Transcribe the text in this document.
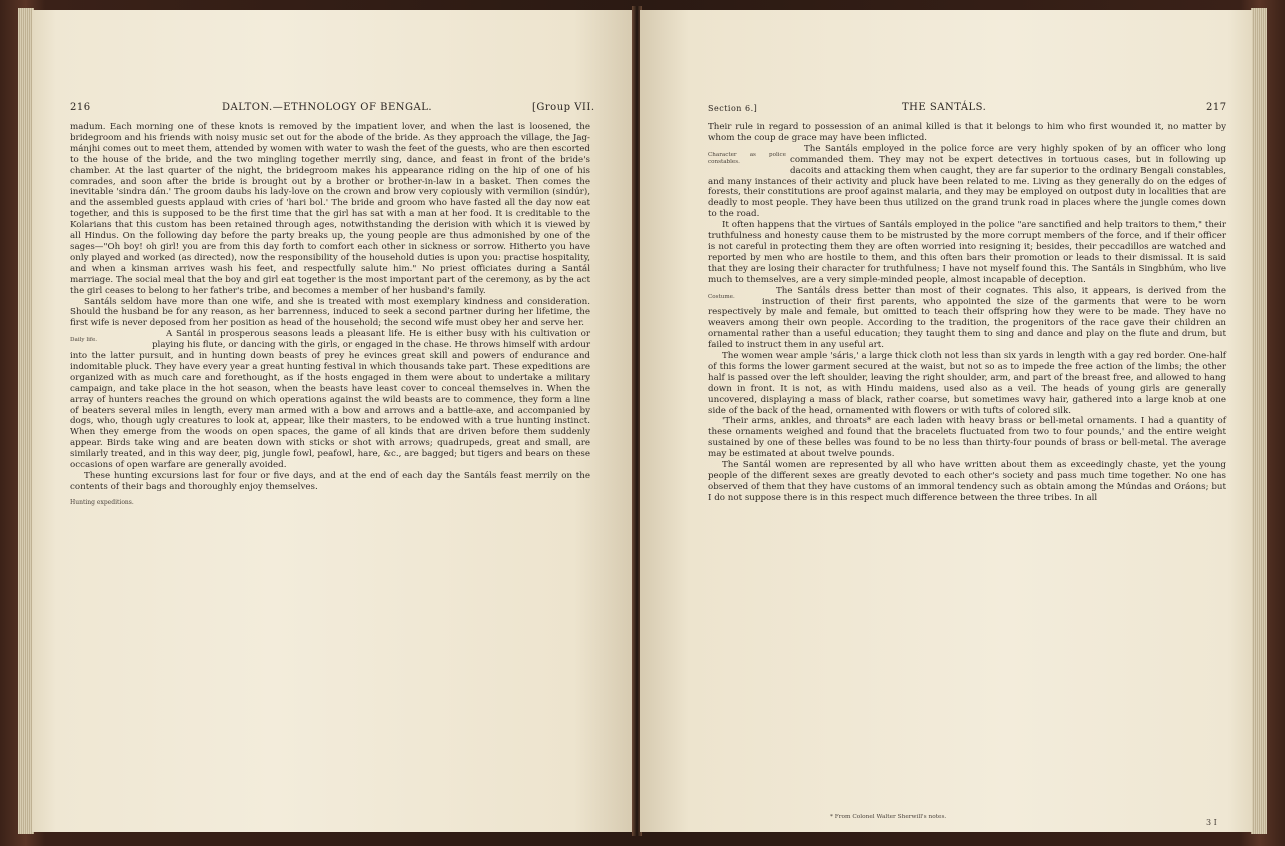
216	DALTON.—ETHNOLOGY OF BENGAL.	[Group VII.

madum. Each morning one of these knots is removed by the impatient lover, and when the last is loosened, the bridegroom and his friends with noisy music set out for the abode of the bride. As they approach the village, the Jag-mánjhi comes out to meet them, attended by women with water to wash the feet of the guests, who are then escorted to the house of the bride, and the two mingling together merrily sing, dance, and feast in front of the bride's chamber. At the last quarter of the night, the bridegroom makes his appearance riding on the hip of one of his comrades, and soon after the bride is brought out by a brother or brother-in-law in a basket. Then comes the inevitable 'sindra dán.' The groom daubs his lady-love on the crown and brow very copiously with vermilion (sindúr), and the assembled guests applaud with cries of 'hari bol.' The bride and groom who have fasted all the day now eat together, and this is supposed to be the first time that the girl has sat with a man at her food. It is creditable to the Kolarians that this custom has been retained through ages, notwithstanding the derision with which it is viewed by all Hindus. On the following day before the party breaks up, the young people are thus admonished by one of the sages—"Oh boy! oh girl! you are from this day forth to comfort each other in sickness or sorrow. Hitherto you have only played and worked (as directed), now the responsibility of the household duties is upon you: practise hospitality, and when a kinsman arrives wash his feet, and respectfully salute him." No priest officiates during a Santál marriage. The social meal that the boy and girl eat together is the most important part of the ceremony, as by the act the girl ceases to belong to her father's tribe, and becomes a member of her husband's family.

Santáls seldom have more than one wife, and she is treated with most exemplary kindness and consideration. Should the husband be for any reason, as her barrenness, induced to seek a second partner during her lifetime, the first wife is never deposed from her position as head of the household; the second wife must obey her and serve her.

Daily life.
A Santál in prosperous seasons leads a pleasant life. He is either busy with his cultivation or playing his flute, or dancing with the girls, or engaged in the chase. He throws himself with ardour into the latter pursuit, and in hunting down beasts of prey he evinces great skill and powers of endurance and indomitable pluck. They have every year a great hunting festival in which thousands take part. These expeditions are organized with as much care and forethought, as if the hosts engaged in them were about to undertake a military campaign, and take place in the hot season, when the beasts have least cover to conceal themselves in. When the array of hunters reaches the ground on which operations against the wild beasts are to commence, they form a line of beaters several miles in length, every man armed with a bow and arrows and a battle-axe, and accompanied by dogs, who, though ugly creatures to look at, appear, like their masters, to be endowed with a true hunting instinct. When they emerge from the woods on open spaces, the game of all kinds that are driven before them suddenly appear. Birds take wing and are beaten down with sticks or shot with arrows; quadrupeds, great and small, are similarly treated, and in this way deer, pig, jungle fowl, peafowl, hare, &c., are bagged; but tigers and bears on these occasions of open warfare are generally avoided.

These hunting excursions last for four or five days, and at the end of each day the Santáls feast merrily on the contents of their bags and thoroughly enjoy themselves.

Hunting expeditions.

Section 6.]	THE SANTÁLS.	217

Their rule in regard to possession of an animal killed is that it belongs to him who first wounded it, no matter by whom the coup de grace may have been inflicted.

Character as police constables.
The Santáls employed in the police force are very highly spoken of by an officer who long commanded them. They may not be expert detectives in tortuous cases, but in following up dacoits and attacking them when caught, they are far superior to the ordinary Bengali constables, and many instances of their activity and pluck have been related to me. Living as they generally do on the edges of forests, their constitutions are proof against malaria, and they may be employed on outpost duty in localities that are deadly to most people. They have been thus utilized on the grand trunk road in places where the jungle comes down to the road.

It often happens that the virtues of Santáls employed in the police "are sanctified and help traitors to them," their truthfulness and honesty cause them to be mistrusted by the more corrupt members of the force, and if their officer is not careful in protecting them they are often worried into resigning it; besides, their peccadillos are watched and reported by men who are hostile to them, and this often bars their promotion or leads to their dismissal. It is said that they are losing their character for truthfulness; I have not myself found this. The Santáls in Singbhúm, who live much to themselves, are a very simple-minded people, almost incapable of deception.

Costume.
The Santáls dress better than most of their cognates. This also, it appears, is derived from the instruction of their first parents, who appointed the size of the garments that were to be worn respectively by male and female, but omitted to teach their offspring how they were to be made. They have no weavers among their own people. According to the tradition, the progenitors of the race gave their children an ornamental rather than a useful education; they taught them to sing and dance and play on the flute and drum, but failed to instruct them in any useful art.

The women wear ample 'sáris,' a large thick cloth not less than six yards in length with a gay red border. One-half of this forms the lower garment secured at the waist, but not so as to impede the free action of the limbs; the other half is passed over the left shoulder, leaving the right shoulder, arm, and part of the breast free, and allowed to hang down in front. It is not, as with Hindu maidens, used also as a veil. The heads of young girls are generally uncovered, displaying a mass of black, rather coarse, but sometimes wavy hair, gathered into a large knob at one side of the back of the head, ornamented with flowers or with tufts of colored silk.

'Their arms, ankles, and throats* are each laden with heavy brass or bell-metal ornaments. I had a quantity of these ornaments weighed and found that the bracelets fluctuated from two to four pounds,' and the entire weight sustained by one of these belles was found to be no less than thirty-four pounds of brass or bell-metal. The average may be estimated at about twelve pounds.

The Santál women are represented by all who have written about them as exceedingly chaste, yet the young people of the different sexes are greatly devoted to each other's society and pass much time together. No one has observed of them that they have customs of an immoral tendency such as obtain among the Múndas and Oráons; but I do not suppose there is in this respect much difference between the three tribes. In all

* From Colonel Walter Sherwill's notes.
3 I
